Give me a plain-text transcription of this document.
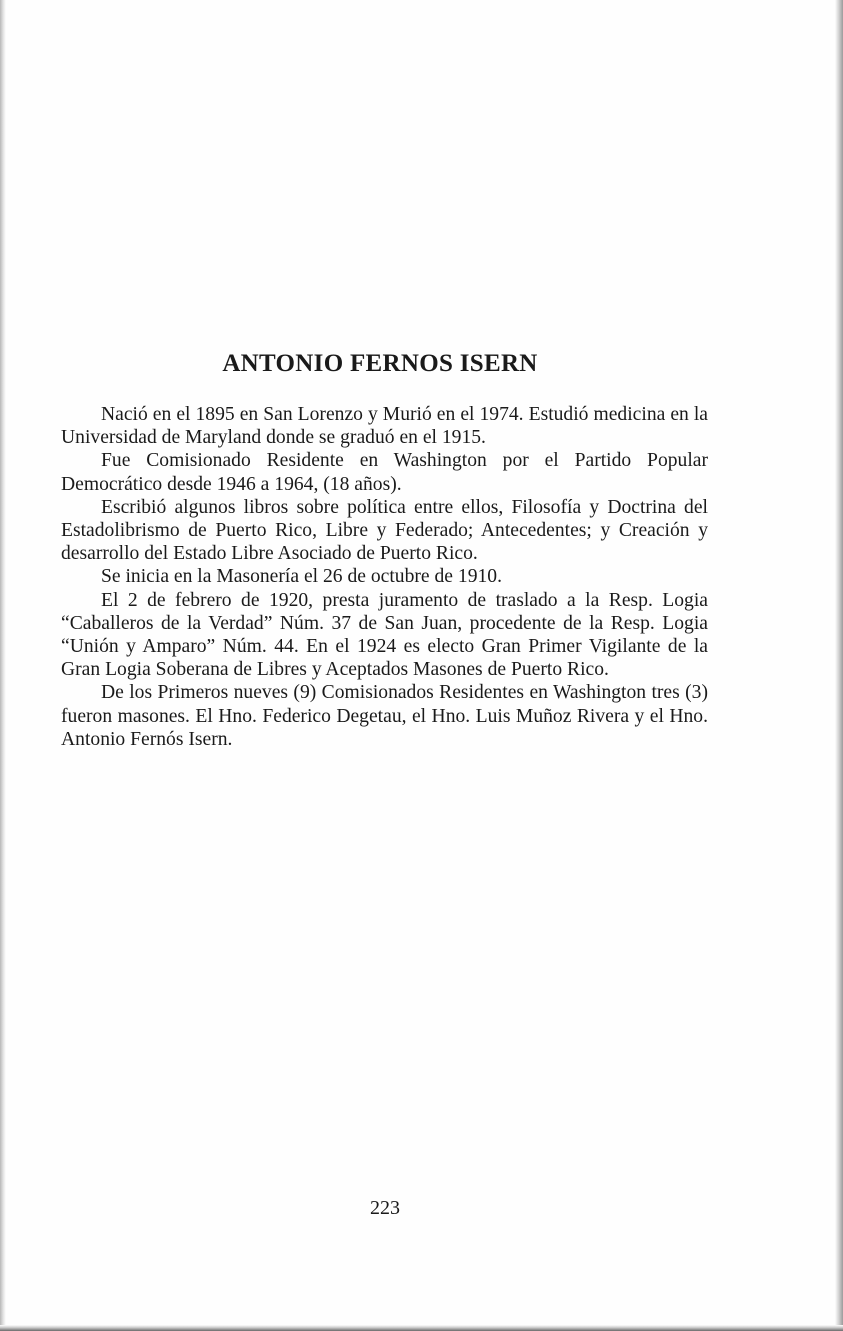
ANTONIO FERNOS ISERN

Nació en el 1895 en San Lorenzo y Murió en el 1974. Estudió medicina en la Universidad de Maryland donde se graduó en el 1915.

Fue Comisionado Residente en Washington por el Partido Popular Democrático desde 1946 a 1964, (18 años).

Escribió algunos libros sobre política entre ellos, Filosofía y Doctrina del Estadolibrismo de Puerto Rico, Libre y Federado; Antecedentes; y Creación y desarrollo del Estado Libre Asociado de Puerto Rico.

Se inicia en la Masonería el 26 de octubre de 1910.

El 2 de febrero de 1920, presta juramento de traslado a la Resp. Logia “Caballeros de la Verdad” Núm. 37 de San Juan, procedente de la Resp. Logia “Unión y Amparo” Núm. 44. En el 1924 es electo Gran Primer Vigilante de la Gran Logia Soberana de Libres y Aceptados Masones de Puerto Rico.

De los Primeros nueves (9) Comisionados Residentes en Washington tres (3) fueron masones. El Hno. Federico Degetau, el Hno. Luis Muñoz Rivera y el Hno. Antonio Fernós Isern.

223
